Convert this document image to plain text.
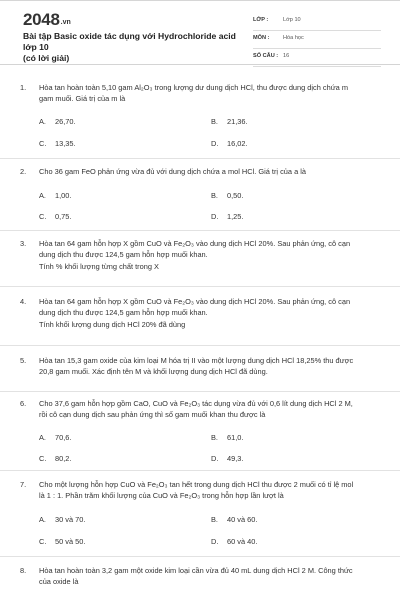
2048.vn
Bài tập Basic oxide tác dụng với Hydrochloride acid lớp 10
(có lời giải)
LỚP :	Lớp 10
MÔN : Hóa học
SỐ CÂU : 16
1. Hòa tan hoàn toàn 5,10 gam Al₂O₃ trong lượng dư dung dịch HCl, thu được dung dịch chứa m
gam muối. Giá trị của m là
A. 26,70.	B. 21,36.
C. 13,35.	D. 16,02.
2. Cho 36 gam FeO phản ứng vừa đủ với dung dịch chứa a mol HCl. Giá trị của a là
A. 1,00.	B. 0,50.
C. 0,75.	D. 1,25.
3. Hòa tan 64 gam hỗn hợp X gồm CuO và Fe₂O₃ vào dung dịch HCl 20%. Sau phản ứng, cô cạn
dung dịch thu được 124,5 gam hỗn hợp muối khan.
Tính % khối lượng từng chất trong X
4. Hòa tan 64 gam hỗn hợp X gồm CuO và Fe₂O₃ vào dung dịch HCl 20%. Sau phản ứng, cô cạn
dung dịch thu được 124,5 gam hỗn hợp muối khan.
Tính khối lượng dung dịch HCl 20% đã dùng
5. Hòa tan 15,3 gam oxide của kim loại M hóa trị II vào một lượng dung dịch HCl 18,25% thu được
20,8 gam muối. Xác định tên M và khối lượng dung dịch HCl đã dùng.
6. Cho 37,6 gam hỗn hợp gồm CaO, CuO và Fe₂O₃ tác dụng vừa đủ với 0,6 lít dung dịch HCl 2 M,
rồi cô cạn dung dịch sau phản ứng thì số gam muối khan thu được là
A. 70,6.	B. 61,0.
C. 80,2.	D. 49,3.
7. Cho một lượng hỗn hợp CuO và Fe₂O₃ tan hết trong dung dịch HCl thu được 2 muối có tỉ lệ mol
là 1 : 1. Phần trăm khối lượng của CuO và Fe₂O₃ trong hỗn hợp lần lượt là
A. 30 và 70.	B. 40 và 60.
C. 50 và 50.	D. 60 và 40.
8. Hòa tan hoàn toàn 3,2 gam một oxide kim loại cần vừa đủ 40 mL dung dịch HCl 2 M. Công thức
của oxide là
